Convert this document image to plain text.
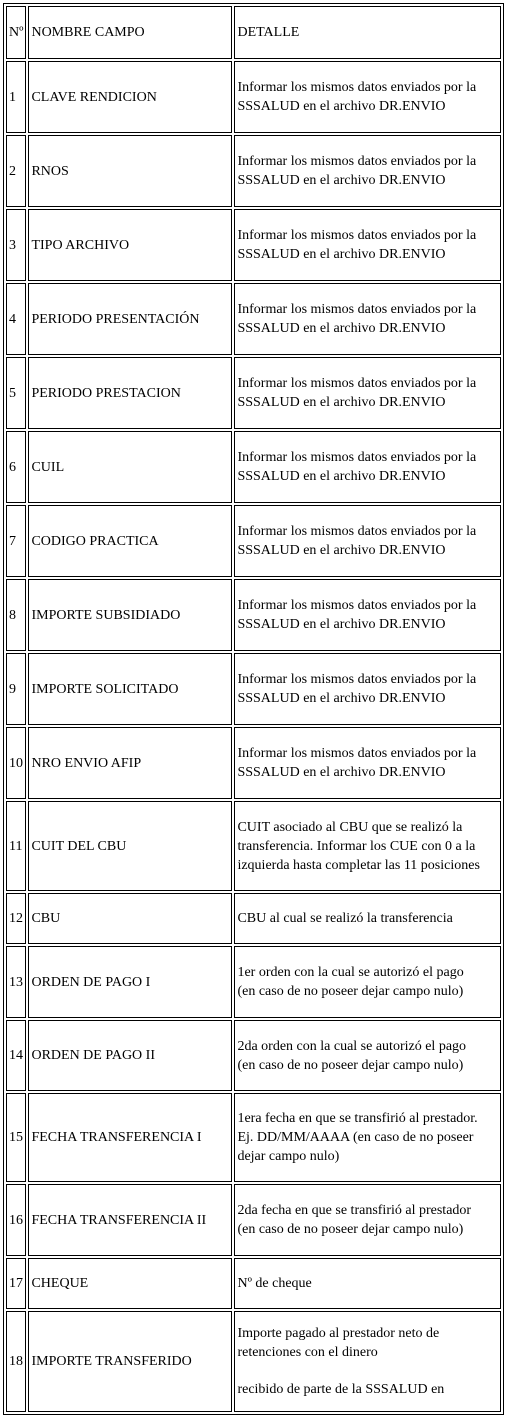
Nº	NOMBRE CAMPO	DETALLE
1	CLAVE RENDICION	Informar los mismos datos enviados por la
SSSALUD en el archivo DR.ENVIO

2	RNOS	Informar los mismos datos enviados por la
SSSALUD en el archivo DR.ENVIO

3	TIPO ARCHIVO	Informar los mismos datos enviados por la
SSSALUD en el archivo DR.ENVIO

4	PERIODO PRESENTACIÓN	Informar los mismos datos enviados por la
SSSALUD en el archivo DR.ENVIO

5	PERIODO PRESTACION	Informar los mismos datos enviados por la
SSSALUD en el archivo DR.ENVIO

6	CUIL	Informar los mismos datos enviados por la
SSSALUD en el archivo DR.ENVIO

7	CODIGO PRACTICA	Informar los mismos datos enviados por la
SSSALUD en el archivo DR.ENVIO

8	IMPORTE SUBSIDIADO	Informar los mismos datos enviados por la
SSSALUD en el archivo DR.ENVIO

9	IMPORTE SOLICITADO	Informar los mismos datos enviados por la
SSSALUD en el archivo DR.ENVIO

10	NRO ENVIO AFIP	Informar los mismos datos enviados por la
SSSALUD en el archivo DR.ENVIO

11	CUIT DEL CBU	CUIT asociado al CBU que se realizó la
transferencia. Informar los CUE con 0 a la
izquierda hasta completar las 11 posiciones

12	CBU	CBU al cual se realizó la transferencia

13	ORDEN DE PAGO I	1er orden con la cual se autorizó el pago
(en caso de no poseer dejar campo nulo)

14	ORDEN DE PAGO II	2da orden con la cual se autorizó el pago
(en caso de no poseer dejar campo nulo)

15	FECHA TRANSFERENCIA I	1era fecha en que se transfirió al prestador.
Ej. DD/MM/AAAA (en caso de no poseer
dejar campo nulo)

16	FECHA TRANSFERENCIA II	2da fecha en que se transfirió al prestador
(en caso de no poseer dejar campo nulo)

17	CHEQUE	Nº de cheque

18	IMPORTE TRANSFERIDO	Importe pagado al prestador neto de
retenciones con el dinero
recibido de parte de la SSSALUD en
